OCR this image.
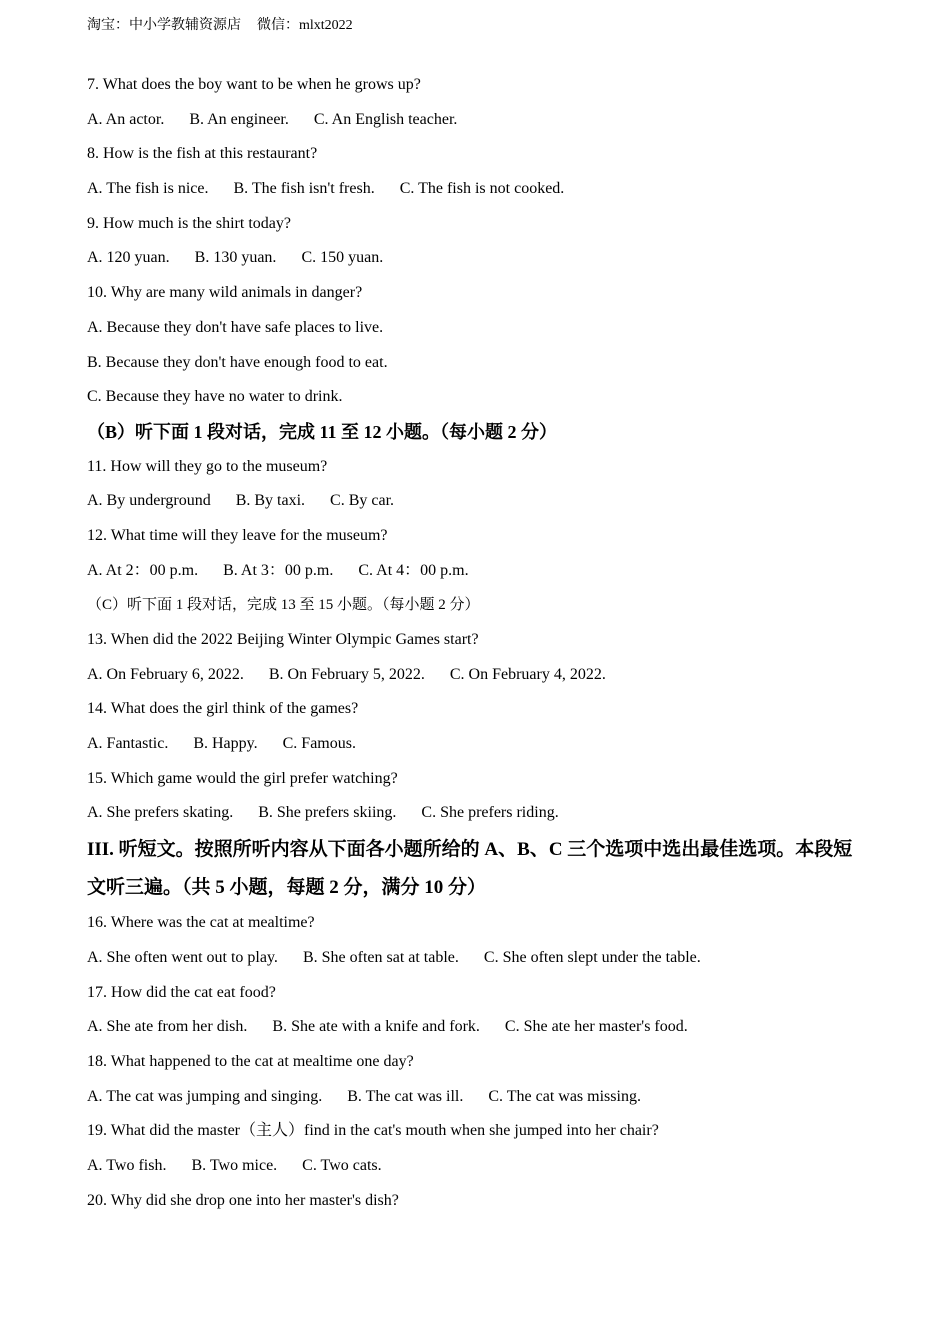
淘宝：中小学教辅资源店 微信：mlxt2022
7. What does the boy want to be when he grows up?
A. An actor. B. An engineer. C. An English teacher.
8. How is the fish at this restaurant?
A. The fish is nice. B. The fish isn't fresh. C. The fish is not cooked.
9. How much is the shirt today?
A. 120 yuan. B. 130 yuan. C. 150 yuan.
10. Why are many wild animals in danger?
A. Because they don't have safe places to live.
B. Because they don't have enough food to eat.
C. Because they have no water to drink.
（B）听下面 1 段对话，完成 11 至 12 小题。（每小题 2 分）
11. How will they go to the museum?
A. By underground B. By taxi. C. By car.
12. What time will they leave for the museum?
A. At 2：00 p.m. B. At 3：00 p.m. C. At 4：00 p.m.
（C）听下面 1 段对话，完成 13 至 15 小题。（每小题 2 分）
13. When did the 2022 Beijing Winter Olympic Games start?
A. On February 6, 2022. B. On February 5, 2022. C. On February 4, 2022.
14. What does the girl think of the games?
A. Fantastic. B. Happy. C. Famous.
15. Which game would the girl prefer watching?
A. She prefers skating. B. She prefers skiing. C. She prefers riding.
III. 听短文。按照所听内容从下面各小题所给的 A、B、C 三个选项中选出最佳选项。本段短文听三遍。（共 5 小题，每题 2 分，满分 10 分）
16. Where was the cat at mealtime?
A. She often went out to play. B. She often sat at table. C. She often slept under the table.
17. How did the cat eat food?
A. She ate from her dish. B. She ate with a knife and fork. C. She ate her master's food.
18. What happened to the cat at mealtime one day?
A. The cat was jumping and singing. B. The cat was ill. C. The cat was missing.
19. What did the master（主人）find in the cat's mouth when she jumped into her chair?
A. Two fish. B. Two mice. C. Two cats.
20. Why did she drop one into her master's dish?
